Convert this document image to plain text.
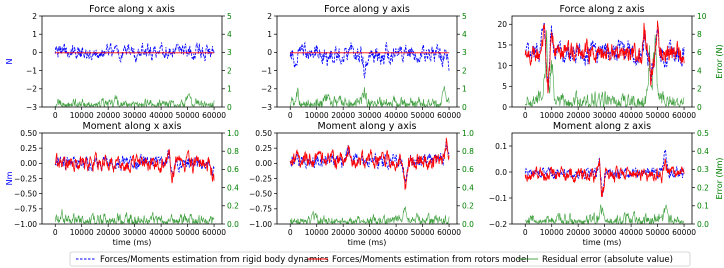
Force along x axis
0 10000 20000 30000 40000 50000 60000
−3
−2
−1
0
1
2
0
1
2
3
4
5
N
Force along y axis
0 10000 20000 30000 40000 50000 60000
−3
−2
−1
0
1
2
0
1
2
3
4
5
Force along z axis
0 10000 20000 30000 40000 50000 60000
0
5
10
15
20
0
2
4
6
8
10
Error (N)
Moment along x axis
0 10000 20000 30000 40000 50000 60000
−1.00
−0.75
−0.50
−0.25
0.00
0.25
0.50
0.0
0.2
0.4
0.6
0.8
1.0
time (ms)
Nm
Moment along y axis
0 10000 20000 30000 40000 50000 60000
−1.00
−0.75
−0.50
−0.25
0.00
0.25
0.50
0.0
0.2
0.4
0.6
0.8
1.0
time (ms)
Moment along z axis
0 10000 20000 30000 40000 50000 60000
−0.2
−0.1
0.0
0.1
0.0
0.1
0.2
0.3
0.4
0.5
time (ms)
Error (Nm)
Forces/Moments estimation from rigid body dynamics Forces/Moments estimation from rotors model Residual error (absolute value)
